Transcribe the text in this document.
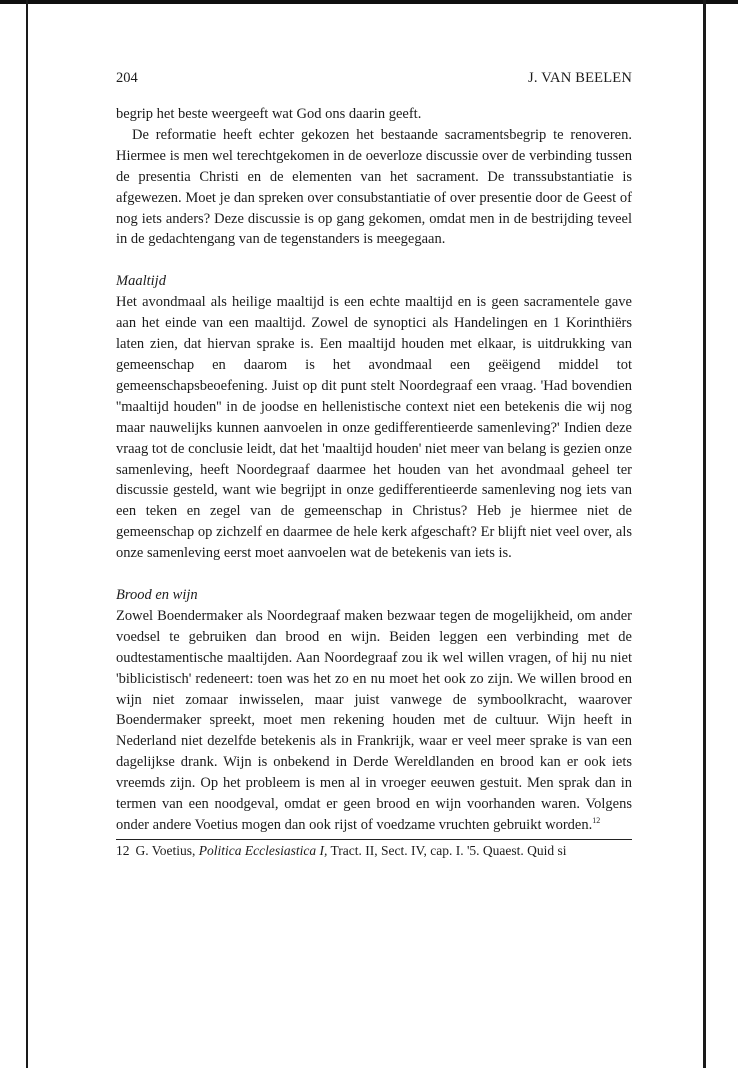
204	J. VAN BEELEN

begrip het beste weergeeft wat God ons daarin geeft.

De reformatie heeft echter gekozen het bestaande sacramentsbegrip te renoveren. Hiermee is men wel terechtgekomen in de oeverloze discussie over de verbinding tussen de presentia Christi en de elementen van het sacrament. De transsubstantiatie is afgewezen. Moet je dan spreken over consubstantiatie of over presentie door de Geest of nog iets anders? Deze discussie is op gang gekomen, omdat men in de bestrijding teveel in de gedachtengang van de tegenstanders is meegegaan.

Maaltijd

Het avondmaal als heilige maaltijd is een echte maaltijd en is geen sacramentele gave aan het einde van een maaltijd. Zowel de synoptici als Handelingen en 1 Korinthiërs laten zien, dat hiervan sprake is. Een maaltijd houden met elkaar, is uitdrukking van gemeenschap en daarom is het avondmaal een geëigend middel tot gemeenschapsbeoefening. Juist op dit punt stelt Noordegraaf een vraag. 'Had bovendien ''maaltijd houden'' in de joodse en hellenistische context niet een betekenis die wij nog maar nauwelijks kunnen aanvoelen in onze gedifferentieerde samenleving?' Indien deze vraag tot de conclusie leidt, dat het 'maaltijd houden' niet meer van belang is gezien onze samenleving, heeft Noordegraaf daarmee het houden van het avondmaal geheel ter discussie gesteld, want wie begrijpt in onze gedifferentieerde samenleving nog iets van een teken en zegel van de gemeenschap in Christus? Heb je hiermee niet de gemeenschap op zichzelf en daarmee de hele kerk afgeschaft? Er blijft niet veel over, als onze samenleving eerst moet aanvoelen wat de betekenis van iets is.

Brood en wijn

Zowel Boendermaker als Noordegraaf maken bezwaar tegen de mogelijkheid, om ander voedsel te gebruiken dan brood en wijn. Beiden leggen een verbinding met de oudtestamentische maaltijden. Aan Noordegraaf zou ik wel willen vragen, of hij nu niet 'biblicistisch' redeneert: toen was het zo en nu moet het ook zo zijn. We willen brood en wijn niet zomaar inwisselen, maar juist vanwege de symboolkracht, waarover Boendermaker spreekt, moet men rekening houden met de cultuur. Wijn heeft in Nederland niet dezelfde betekenis als in Frankrijk, waar er veel meer sprake is van een dagelijkse drank. Wijn is onbekend in Derde Wereldlanden en brood kan er ook iets vreemds zijn. Op het probleem is men al in vroeger eeuwen gestuit. Men sprak dan in termen van een noodgeval, omdat er geen brood en wijn voorhanden waren. Volgens onder andere Voetius mogen dan ook rijst of voedzame vruchten gebruikt worden.$^{12}$

12 G. Voetius, Politica Ecclesiastica I, Tract. II, Sect. IV, cap. I. '5. Quaest. Quid si
